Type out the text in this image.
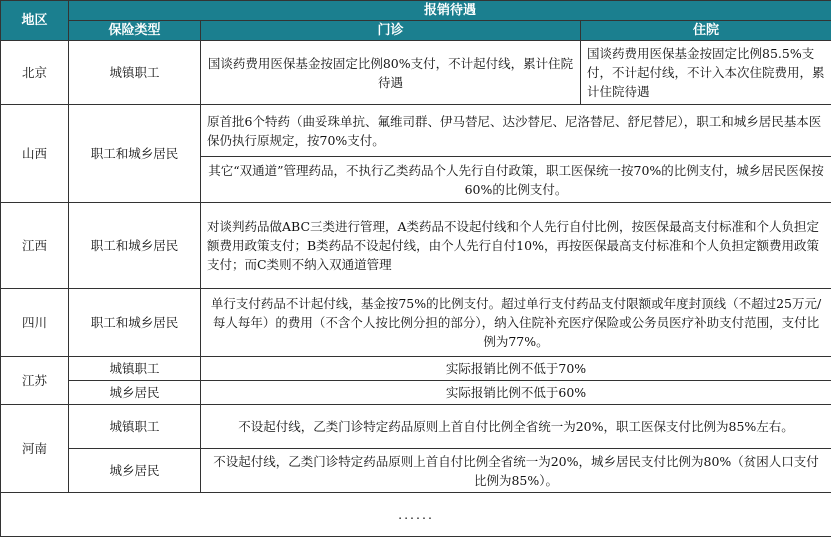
地区	报销待遇		
	保险类型	门诊	住院
北京	城镇职工	国谈药费用医保基金按固定比例80%支付，不计起付线，累计住院待遇	国谈药费用医保基金按固定比例85.5%支付，不计起付线，不计入本次住院费用，累计住院待遇
山西	职工和城乡居民	原首批6个特药（曲妥珠单抗、氟维司群、伊马替尼、达沙替尼、尼洛替尼、舒尼替尼），职工和城乡居民基本医保仍执行原规定，按70%支付。	
		其它“双通道”管理药品，不执行乙类药品个人先行自付政策，职工医保统一按70%的比例支付，城乡居民医保按60%的比例支付。	
江西	职工和城乡居民	对谈判药品做ABC三类进行管理，A类药品不设起付线和个人先行自付比例，按医保最高支付标准和个人负担定额费用政策支付；B类药品不设起付线，由个人先行自付10%，再按医保最高支付标准和个人负担定额费用政策支付；而C类则不纳入双通道管理	
四川	职工和城乡居民	单行支付药品不计起付线，基金按75%的比例支付。超过单行支付药品支付限额或年度封顶线（不超过25万元/每人每年）的费用（不含个人按比例分担的部分），纳入住院补充医疗保险或公务员医疗补助支付范围，支付比例为77%。	
江苏	城镇职工	实际报销比例不低于70%	
	城乡居民	实际报销比例不低于60%	
河南	城镇职工	不设起付线，乙类门诊特定药品原则上首自付比例全省统一为20%，职工医保支付比例为85%左右。	
	城乡居民	不设起付线，乙类门诊特定药品原则上首自付比例全省统一为20%，城乡居民支付比例为80%（贫困人口支付比例为85%）。	
......			
